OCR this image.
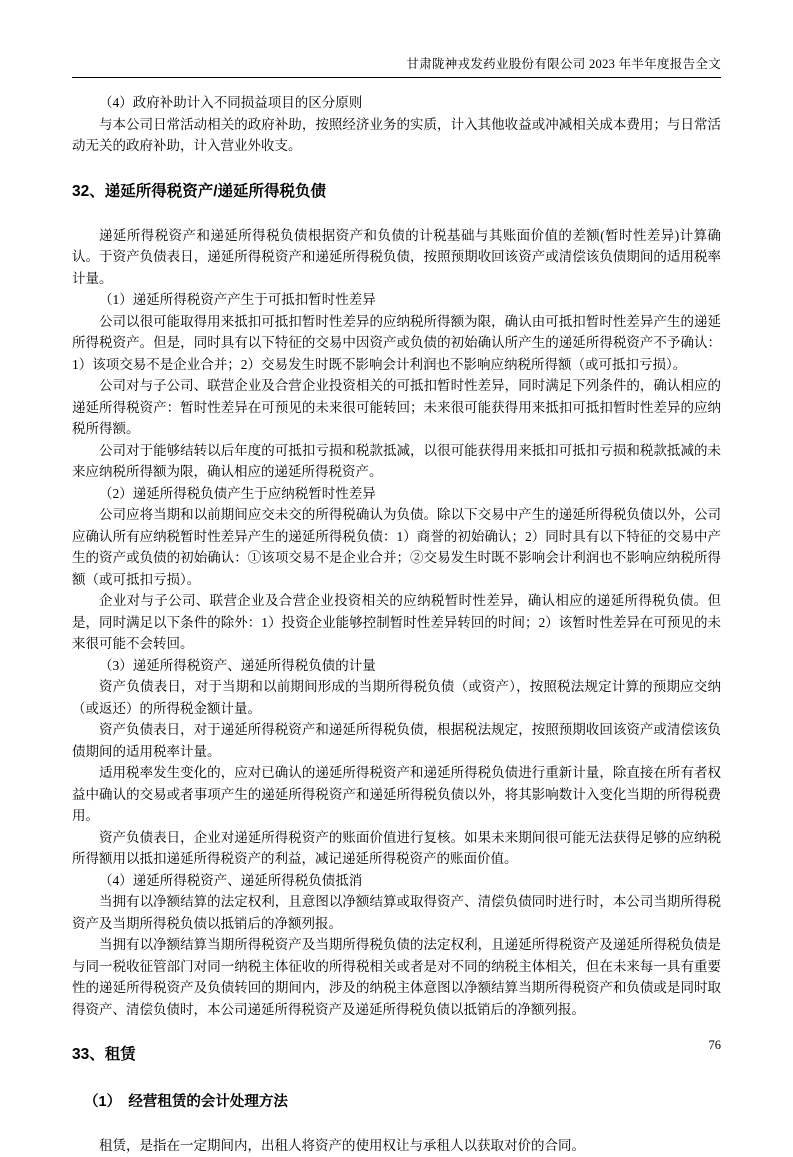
甘肃陇神戎发药业股份有限公司 2023 年半年度报告全文

（4）政府补助计入不同损益项目的区分原则

与本公司日常活动相关的政府补助，按照经济业务的实质，计入其他收益或冲减相关成本费用；与日常活动无关的政府补助，计入营业外收支。

32、递延所得税资产/递延所得税负债

递延所得税资产和递延所得税负债根据资产和负债的计税基础与其账面价值的差额(暂时性差异)计算确认。于资产负债表日，递延所得税资产和递延所得税负债，按照预期收回该资产或清偿该负债期间的适用税率计量。

（1）递延所得税资产产生于可抵扣暂时性差异

公司以很可能取得用来抵扣可抵扣暂时性差异的应纳税所得额为限，确认由可抵扣暂时性差异产生的递延所得税资产。但是，同时具有以下特征的交易中因资产或负债的初始确认所产生的递延所得税资产不予确认：1）该项交易不是企业合并；2）交易发生时既不影响会计利润也不影响应纳税所得额（或可抵扣亏损）。

公司对与子公司、联营企业及合营企业投资相关的可抵扣暂时性差异，同时满足下列条件的，确认相应的递延所得税资产：暂时性差异在可预见的未来很可能转回；未来很可能获得用来抵扣可抵扣暂时性差异的应纳税所得额。

公司对于能够结转以后年度的可抵扣亏损和税款抵减，以很可能获得用来抵扣可抵扣亏损和税款抵减的未来应纳税所得额为限，确认相应的递延所得税资产。

（2）递延所得税负债产生于应纳税暂时性差异

公司应将当期和以前期间应交未交的所得税确认为负债。除以下交易中产生的递延所得税负债以外，公司应确认所有应纳税暂时性差异产生的递延所得税负债：1）商誉的初始确认；2）同时具有以下特征的交易中产生的资产或负债的初始确认：①该项交易不是企业合并；②交易发生时既不影响会计利润也不影响应纳税所得额（或可抵扣亏损）。

企业对与子公司、联营企业及合营企业投资相关的应纳税暂时性差异，确认相应的递延所得税负债。但是，同时满足以下条件的除外：1）投资企业能够控制暂时性差异转回的时间；2）该暂时性差异在可预见的未来很可能不会转回。

（3）递延所得税资产、递延所得税负债的计量

资产负债表日，对于当期和以前期间形成的当期所得税负债（或资产），按照税法规定计算的预期应交纳（或返还）的所得税金额计量。

资产负债表日，对于递延所得税资产和递延所得税负债，根据税法规定，按照预期收回该资产或清偿该负债期间的适用税率计量。

适用税率发生变化的，应对已确认的递延所得税资产和递延所得税负债进行重新计量，除直接在所有者权益中确认的交易或者事项产生的递延所得税资产和递延所得税负债以外，将其影响数计入变化当期的所得税费用。

资产负债表日，企业对递延所得税资产的账面价值进行复核。如果未来期间很可能无法获得足够的应纳税所得额用以抵扣递延所得税资产的利益，减记递延所得税资产的账面价值。

（4）递延所得税资产、递延所得税负债抵消

当拥有以净额结算的法定权利，且意图以净额结算或取得资产、清偿负债同时进行时，本公司当期所得税资产及当期所得税负债以抵销后的净额列报。

当拥有以净额结算当期所得税资产及当期所得税负债的法定权利，且递延所得税资产及递延所得税负债是与同一税收征管部门对同一纳税主体征收的所得税相关或者是对不同的纳税主体相关，但在未来每一具有重要性的递延所得税资产及负债转回的期间内，涉及的纳税主体意图以净额结算当期所得税资产和负债或是同时取得资产、清偿负债时，本公司递延所得税资产及递延所得税负债以抵销后的净额列报。

33、租赁
（1）　经营租赁的会计处理方法

租赁，是指在一定期间内，出租人将资产的使用权让与承租人以获取对价的合同。

76
